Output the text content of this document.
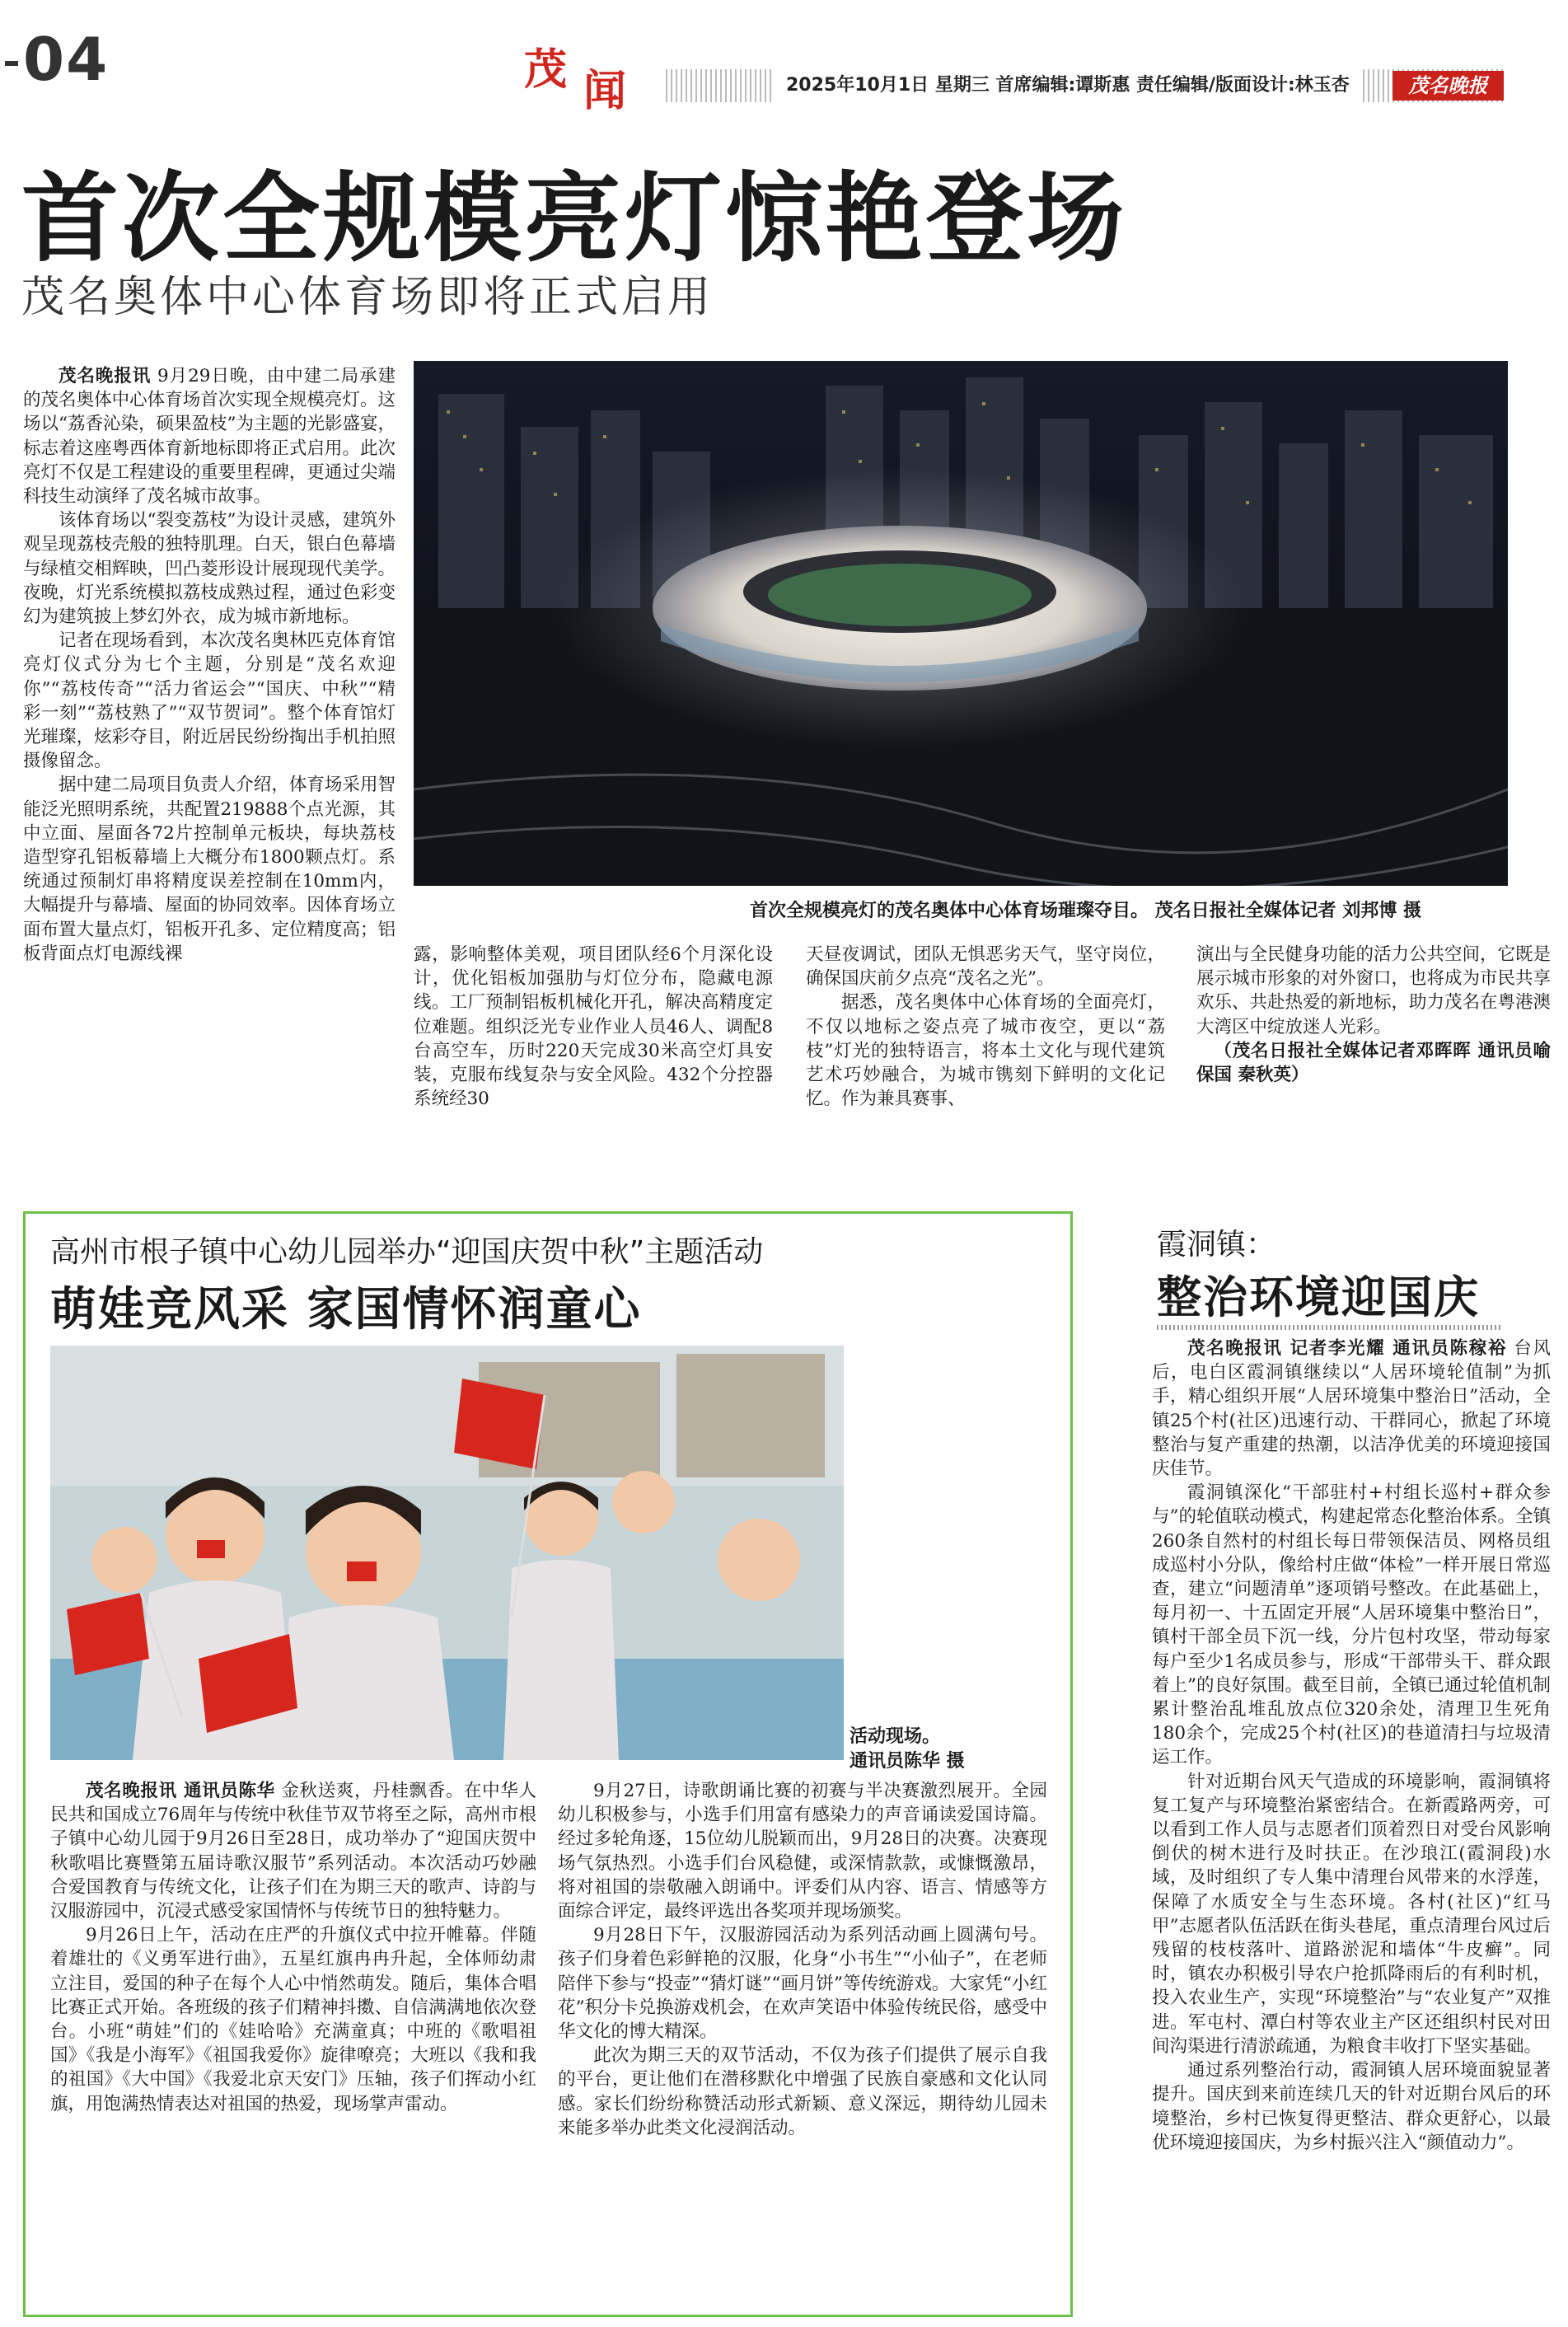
04	茂 闻	2025年10月1日 星期三 首席编辑:谭斯惠 责任编辑/版面设计:林玉杏	茂名晚报
首次全规模亮灯惊艳登场
茂名奥体中心体育场即将正式启用

茂名晚报讯 9月29日晚，由中建二局承建的茂名奥体中心体育场首次实现全规模亮灯。这场以“荔香沁染，硕果盈枝”为主题的光影盛宴，标志着这座粤西体育新地标即将正式启用。此次亮灯不仅是工程建设的重要里程碑，更通过尖端科技生动演绎了茂名城市故事。

该体育场以“裂变荔枝”为设计灵感，建筑外观呈现荔枝壳般的独特肌理。白天，银白色幕墙与绿植交相辉映，凹凸菱形设计展现现代美学。夜晚，灯光系统模拟荔枝成熟过程，通过色彩变幻为建筑披上梦幻外衣，成为城市新地标。

记者在现场看到，本次茂名奥林匹克体育馆亮灯仪式分为七个主题，分别是“茂名欢迎你”“荔枝传奇”“活力省运会”“国庆、中秋”“精彩一刻”“荔枝熟了”“双节贺词”。整个体育馆灯光璀璨，炫彩夺目，附近居民纷纷掏出手机拍照摄像留念。

据中建二局项目负责人介绍，体育场采用智能泛光照明系统，共配置219888个点光源，其中立面、屋面各72片控制单元板块，每块荔枝造型穿孔铝板幕墙上大概分布1800颗点灯。系统通过预制灯串将精度误差控制在10mm内，大幅提升与幕墙、屋面的协同效率。因体育场立面布置大量点灯，铝板开孔多、定位精度高；铝板背面点灯电源线裸

首次全规模亮灯的茂名奥体中心体育场璀璨夺目。 茂名日报社全媒体记者 刘邦博 摄

露，影响整体美观，项目团队经6个月深化设计，优化铝板加强肋与灯位分布，隐藏电源线。工厂预制铝板机械化开孔，解决高精度定位难题。组织泛光专业作业人员46人、调配8台高空车，历时220天完成30米高空灯具安装，克服布线复杂与安全风险。432个分控器系统经30

天昼夜调试，团队无惧恶劣天气，坚守岗位，确保国庆前夕点亮“茂名之光”。

据悉，茂名奥体中心体育场的全面亮灯，不仅以地标之姿点亮了城市夜空，更以“荔枝”灯光的独特语言，将本土文化与现代建筑艺术巧妙融合，为城市镌刻下鲜明的文化记忆。作为兼具赛事、

演出与全民健身功能的活力公共空间，它既是展示城市形象的对外窗口，也将成为市民共享欢乐、共赴热爱的新地标，助力茂名在粤港澳大湾区中绽放迷人光彩。

（茂名日报社全媒体记者邓晖晖 通讯员喻保国 秦秋英）

高州市根子镇中心幼儿园举办“迎国庆贺中秋”主题活动
萌娃竞风采 家国情怀润童心
活动现场。
通讯员陈华 摄

茂名晚报讯 通讯员陈华 金秋送爽，丹桂飘香。在中华人民共和国成立76周年与传统中秋佳节双节将至之际，高州市根子镇中心幼儿园于9月26日至28日，成功举办了“迎国庆贺中秋歌唱比赛暨第五届诗歌汉服节”系列活动。本次活动巧妙融合爱国教育与传统文化，让孩子们在为期三天的歌声、诗韵与汉服游园中，沉浸式感受家国情怀与传统节日的独特魅力。

9月26日上午，活动在庄严的升旗仪式中拉开帷幕。伴随着雄壮的《义勇军进行曲》，五星红旗冉冉升起，全体师幼肃立注目，爱国的种子在每个人心中悄然萌发。随后，集体合唱比赛正式开始。各班级的孩子们精神抖擞、自信满满地依次登台。小班“萌娃”们的《娃哈哈》充满童真；中班的《歌唱祖国》《我是小海军》《祖国我爱你》旋律嘹亮；大班以《我和我的祖国》《大中国》《我爱北京天安门》压轴，孩子们挥动小红旗，用饱满热情表达对祖国的热爱，现场掌声雷动。

9月27日，诗歌朗诵比赛的初赛与半决赛激烈展开。全园幼儿积极参与，小选手们用富有感染力的声音诵读爱国诗篇。经过多轮角逐，15位幼儿脱颖而出，9月28日的决赛。决赛现场气氛热烈。小选手们台风稳健，或深情款款，或慷慨激昂，将对祖国的崇敬融入朗诵中。评委们从内容、语言、情感等方面综合评定，最终评选出各奖项并现场颁奖。

9月28日下午，汉服游园活动为系列活动画上圆满句号。孩子们身着色彩鲜艳的汉服，化身“小书生”“小仙子”，在老师陪伴下参与“投壶”“猜灯谜”“画月饼”等传统游戏。大家凭“小红花”积分卡兑换游戏机会，在欢声笑语中体验传统民俗，感受中华文化的博大精深。

此次为期三天的双节活动，不仅为孩子们提供了展示自我的平台，更让他们在潜移默化中增强了民族自豪感和文化认同感。家长们纷纷称赞活动形式新颖、意义深远，期待幼儿园未来能多举办此类文化浸润活动。

霞洞镇：
整治环境迎国庆

茂名晚报讯 记者李光耀 通讯员陈稼裕 台风后，电白区霞洞镇继续以“人居环境轮值制”为抓手，精心组织开展“人居环境集中整治日”活动，全镇25个村(社区)迅速行动、干群同心，掀起了环境整治与复产重建的热潮，以洁净优美的环境迎接国庆佳节。

霞洞镇深化“干部驻村+村组长巡村+群众参与”的轮值联动模式，构建起常态化整治体系。全镇260条自然村的村组长每日带领保洁员、网格员组成巡村小分队，像给村庄做“体检”一样开展日常巡查，建立“问题清单”逐项销号整改。在此基础上，每月初一、十五固定开展“人居环境集中整治日”，镇村干部全员下沉一线，分片包村攻坚，带动每家每户至少1名成员参与，形成“干部带头干、群众跟着上”的良好氛围。截至目前，全镇已通过轮值机制累计整治乱堆乱放点位320余处，清理卫生死角180余个，完成25个村(社区)的巷道清扫与垃圾清运工作。

针对近期台风天气造成的环境影响，霞洞镇将复工复产与环境整治紧密结合。在新霞路两旁，可以看到工作人员与志愿者们顶着烈日对受台风影响倒伏的树木进行及时扶正。在沙琅江(霞洞段)水域，及时组织了专人集中清理台风带来的水浮莲，保障了水质安全与生态环境。各村(社区)“红马甲”志愿者队伍活跃在街头巷尾，重点清理台风过后残留的枝枝落叶、道路淤泥和墙体“牛皮癣”。同时，镇农办积极引导农户抢抓降雨后的有利时机，投入农业生产，实现“环境整治”与“农业复产”双推进。军屯村、潭白村等农业主产区还组织村民对田间沟渠进行清淤疏通，为粮食丰收打下坚实基础。

通过系列整治行动，霞洞镇人居环境面貌显著提升。国庆到来前连续几天的针对近期台风后的环境整治，乡村已恢复得更整洁、群众更舒心，以最优环境迎接国庆，为乡村振兴注入“颜值动力”。
